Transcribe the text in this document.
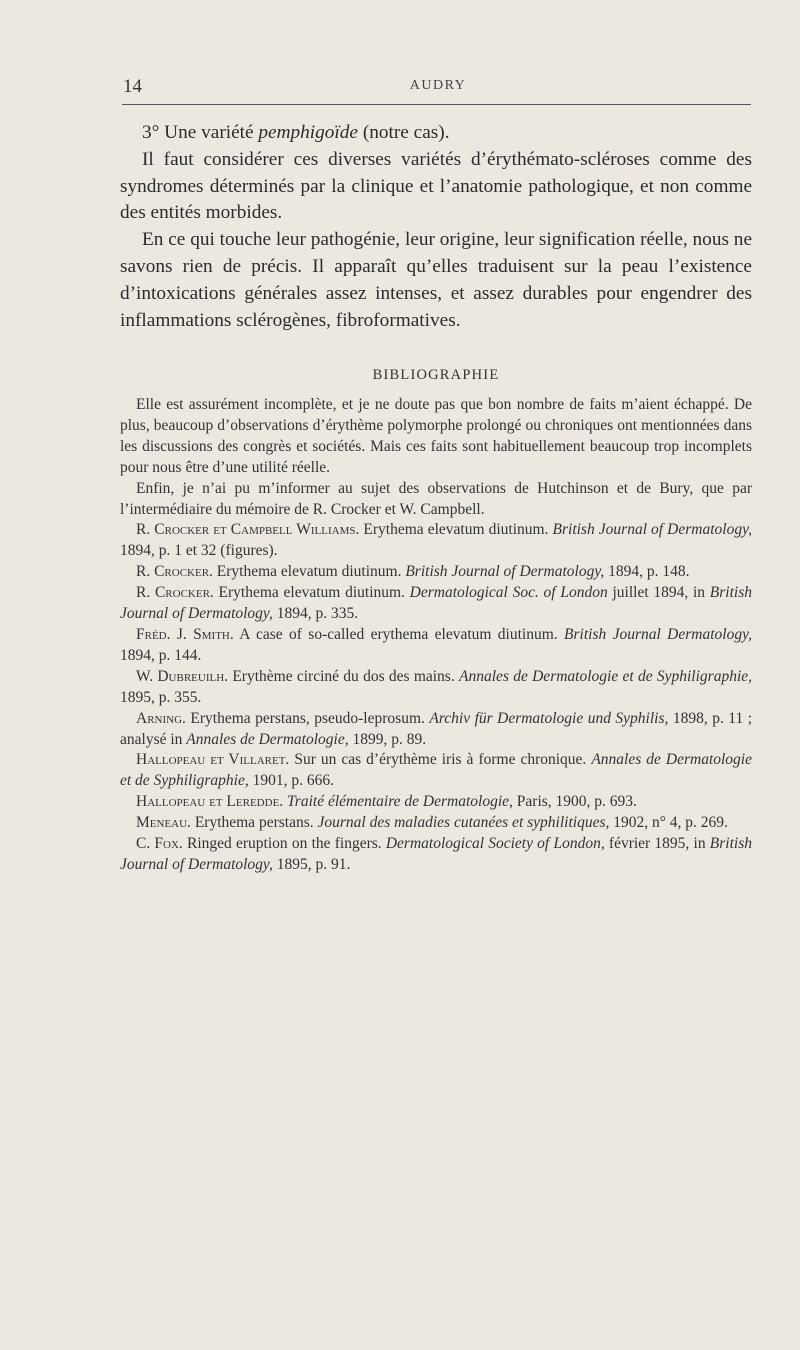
14	AUDRY

3° Une variété pemphigoïde (notre cas).

Il faut considérer ces diverses variétés d’érythémato-scléroses comme des syndromes déterminés par la clinique et l’anatomie pathologique, et non comme des entités morbides.

En ce qui touche leur pathogénie, leur origine, leur signification réelle, nous ne savons rien de précis. Il apparaît qu’elles traduisent sur la peau l’existence d’intoxications générales assez intenses, et assez durables pour engendrer des inflammations sclérogènes, fibroformatives.

BIBLIOGRAPHIE

Elle est assurément incomplète, et je ne doute pas que bon nombre de faits m’aient échappé. De plus, beaucoup d’observations d’érythème polymorphe prolongé ou chroniques ont mentionnées dans les discussions des congrès et sociétés. Mais ces faits sont habituellement beaucoup trop incomplets pour nous être d’une utilité réelle.

Enfin, je n’ai pu m’informer au sujet des observations de Hutchinson et de Bury, que par l’intermédiaire du mémoire de R. Crocker et W. Campbell.

R. Crocker et Campbell Williams. Erythema elevatum diutinum. British Journal of Dermatology, 1894, p. 1 et 32 (figures).

R. Crocker. Erythema elevatum diutinum. British Journal of Dermatology, 1894, p. 148.

R. Crocker. Erythema elevatum diutinum. Dermatological Soc. of London juillet 1894, in British Journal of Dermatology, 1894, p. 335.

Fréd. J. Smith. A case of so-called erythema elevatum diutinum. British Journal Dermatology, 1894, p. 144.

W. Dubreuilh. Erythème circiné du dos des mains. Annales de Dermatologie et de Syphiligraphie, 1895, p. 355.

Arning. Erythema perstans, pseudo-leprosum. Archiv für Dermatologie und Syphilis, 1898, p. 11 ; analysé in Annales de Dermatologie, 1899, p. 89.

Hallopeau et Villaret. Sur un cas d’érythème iris à forme chronique. Annales de Dermatologie et de Syphiligraphie, 1901, p. 666.

Hallopeau et Leredde. Traité élémentaire de Dermatologie, Paris, 1900, p. 693.

Meneau. Erythema perstans. Journal des maladies cutanées et syphilitiques, 1902, n° 4, p. 269.

C. Fox. Ringed eruption on the fingers. Dermatological Society of London, février 1895, in British Journal of Dermatology, 1895, p. 91.
